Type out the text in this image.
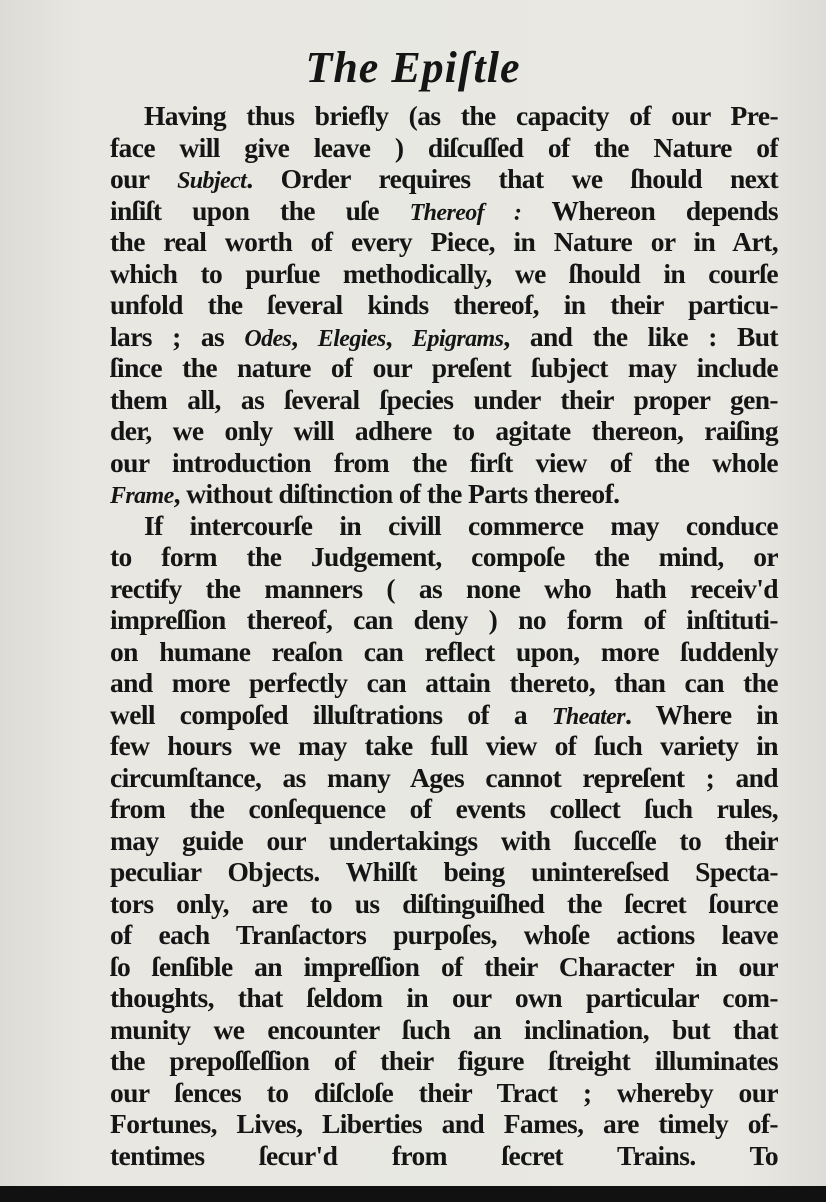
The Epiſtle
Having thus briefly (as the capacity of our Pre-
face will give leave ) diſcuſſed of the Nature of
our Subject. Order requires that we ſhould next
inſiſt upon the uſe Thereof : Whereon depends
the real worth of every Piece, in Nature or in Art,
which to purſue methodically, we ſhould in courſe
unfold the ſeveral kinds thereof, in their particu-
lars ; as Odes, Elegies, Epigrams, and the like : But
ſince the nature of our preſent ſubject may include
them all, as ſeveral ſpecies under their proper gen-
der, we only will adhere to agitate thereon, raiſing
our introduction from the firſt view of the whole
Frame, without diſtinction of the Parts thereof.
If intercourſe in civill commerce may conduce
to form the Judgement, compoſe the mind, or
rectify the manners ( as none who hath receiv'd
impreſſion thereof, can deny ) no form of inſtituti-
on humane reaſon can reflect upon, more ſuddenly
and more perfectly can attain thereto, than can the
well compoſed illuſtrations of a Theater. Where in
few hours we may take full view of ſuch variety in
circumſtance, as many Ages cannot repreſent ; and
from the conſequence of events collect ſuch rules,
may guide our undertakings with ſucceſſe to their
peculiar Objects. Whilſt being unintereſsed Specta-
tors only, are to us diſtinguiſhed the ſecret ſource
of each Tranſactors purpoſes, whoſe actions leave
ſo ſenſible an impreſſion of their Character in our
thoughts, that ſeldom in our own particular com-
munity we encounter ſuch an inclination, but that
the prepoſſeſſion of their figure ſtreight illuminates
our ſences to diſcloſe their Tract ; whereby our
Fortunes, Lives, Liberties and Fames, are timely of-
tentimes ſecur'd from ſecret Trains. To
